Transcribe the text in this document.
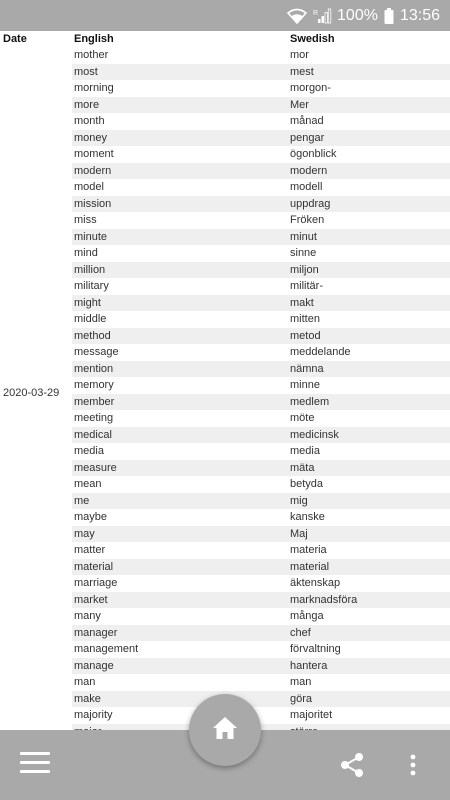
R 100% 13:56
Date	English	Swedish
2020-03-29	mother	mor
	most	mest
	morning	morgon-
	more	Mer
	month	månad
	money	pengar
	moment	ögonblick
	modern	modern
	model	modell
	mission	uppdrag
	miss	Fröken
	minute	minut
	mind	sinne
	million	miljon
	military	militär-
	might	makt
	middle	mitten
	method	metod
	message	meddelande
	mention	nämna
	memory	minne
	member	medlem
	meeting	möte
	medical	medicinsk
	media	media
	measure	mäta
	mean	betyda
	me	mig
	maybe	kanske
	may	Maj
	matter	materia
	material	material
	marriage	äktenskap
	market	marknadsföra
	many	många
	manager	chef
	management	förvaltning
	manage	hantera
	man	man
	make	göra
	majority	majoritet
